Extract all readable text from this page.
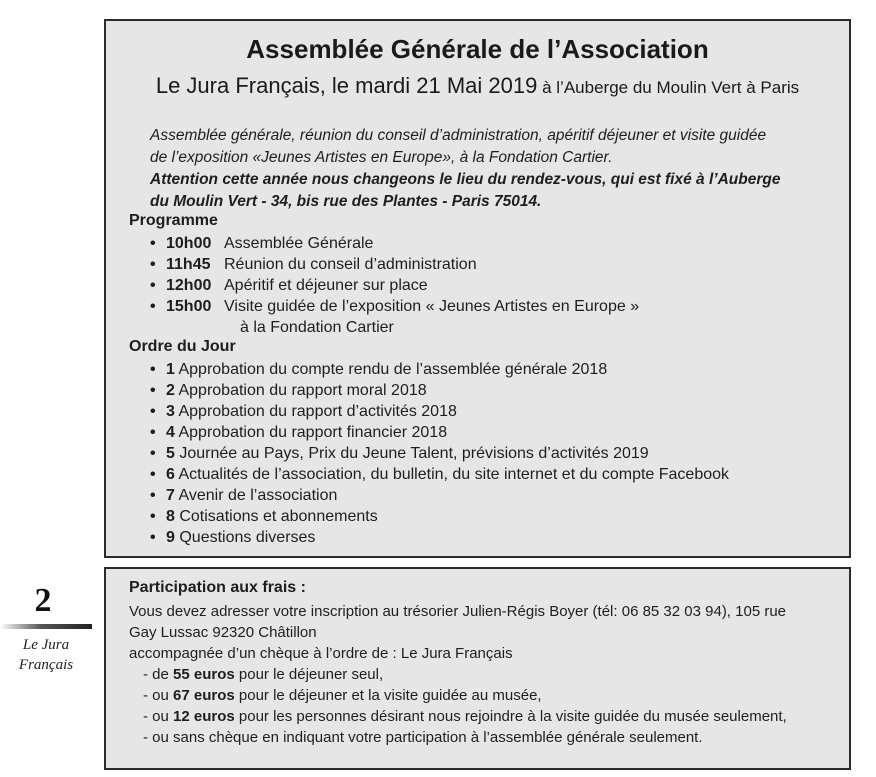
2
Le Jura
Français
Assemblée Générale de l’Association
Le Jura Français, le mardi 21 Mai 2019 à l’Auberge du Moulin Vert à Paris

Assemblée générale, réunion du conseil d’administration, apéritif déjeuner et visite guidée

de l’exposition «Jeunes Artistes en Europe», à la Fondation Cartier.

Attention cette année nous changeons le lieu du rendez-vous, qui est fixé à l’Auberge

du Moulin Vert - 34, bis rue des Plantes - Paris 75014.

Programme
• 10h00 Assemblée Générale
• 11h45 Réunion du conseil d’administration
• 12h00 Apéritif et déjeuner sur place
• 15h00 Visite guidée de l’exposition « Jeunes Artistes en Europe »
à la Fondation Cartier
Ordre du Jour
• 1 Approbation du compte rendu de l’assemblée générale 2018
• 2 Approbation du rapport moral 2018
• 3 Approbation du rapport d’activités 2018
• 4 Approbation du rapport financier 2018
• 5 Journée au Pays, Prix du Jeune Talent, prévisions d’activités 2019
• 6 Actualités de l’association, du bulletin, du site internet et du compte Facebook
• 7 Avenir de l’association
• 8 Cotisations et abonnements
• 9 Questions diverses
Participation aux frais :

Vous devez adresser votre inscription au trésorier Julien-Régis Boyer (tél: 06 85 32 03 94), 105 rue

Gay Lussac 92320 Châtillon

accompagnée d’un chèque à l’ordre de : Le Jura Français

- de 55 euros pour le déjeuner seul,
- ou 67 euros pour le déjeuner et la visite guidée au musée,
- ou 12 euros pour les personnes désirant nous rejoindre à la visite guidée du musée seulement,
- ou sans chèque en indiquant votre participation à l’assemblée générale seulement.
